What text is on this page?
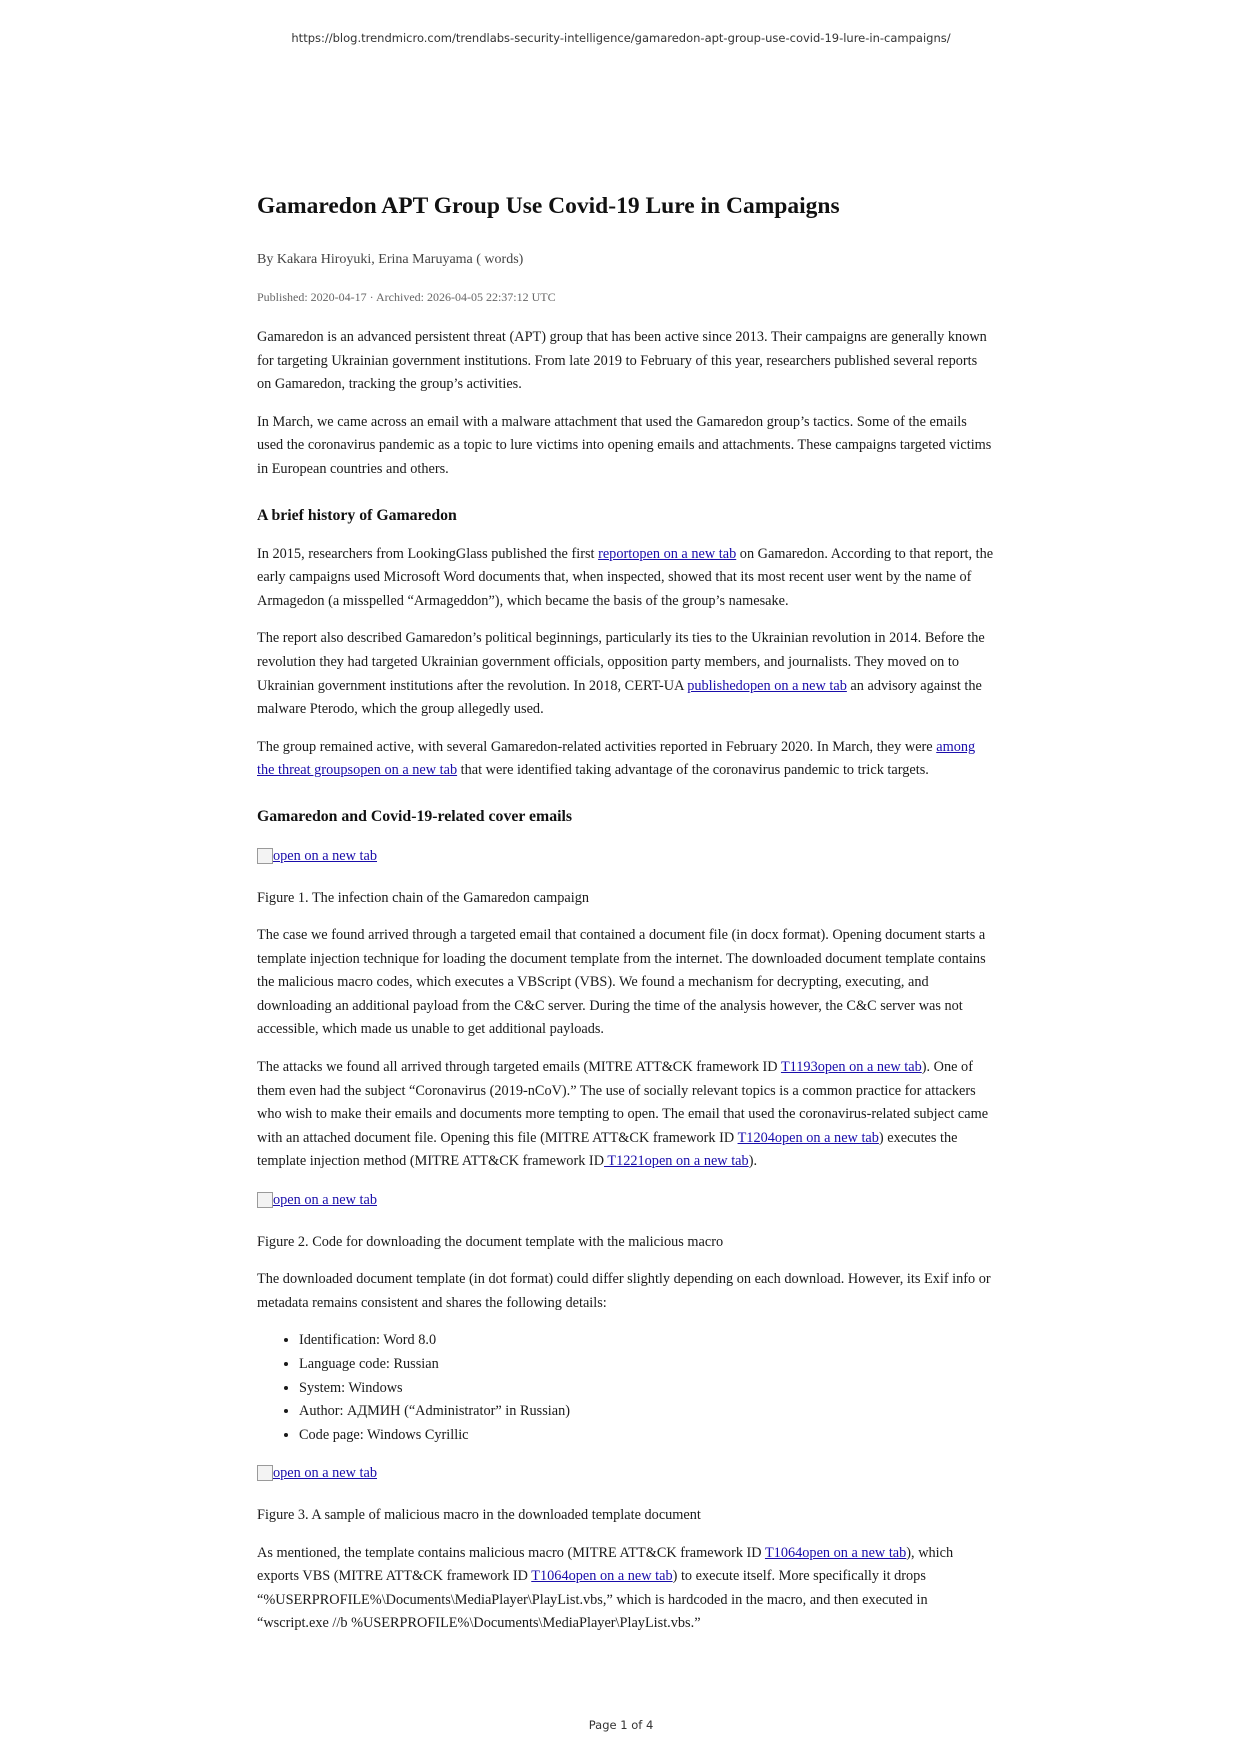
https://blog.trendmicro.com/trendlabs-security-intelligence/gamaredon-apt-group-use-covid-19-lure-in-campaigns/
Gamaredon APT Group Use Covid-19 Lure in Campaigns
By Kakara Hiroyuki, Erina Maruyama ( words)
Published: 2020-04-17 · Archived: 2026-04-05 22:37:12 UTC

Gamaredon is an advanced persistent threat (APT) group that has been active since 2013. Their campaigns are generally known for targeting Ukrainian government institutions. From late 2019 to February of this year, researchers published several reports on Gamaredon, tracking the group’s activities.

In March, we came across an email with a malware attachment that used the Gamaredon group’s tactics. Some of the emails used the coronavirus pandemic as a topic to lure victims into opening emails and attachments. These campaigns targeted victims in European countries and others.

A brief history of Gamaredon

In 2015, researchers from LookingGlass published the first reportopen on a new tab on Gamaredon. According to that report, the early campaigns used Microsoft Word documents that, when inspected, showed that its most recent user went by the name of Armagedon (a misspelled “Armageddon”), which became the basis of the group’s namesake.

The report also described Gamaredon’s political beginnings, particularly its ties to the Ukrainian revolution in 2014. Before the revolution they had targeted Ukrainian government officials, opposition party members, and journalists. They moved on to Ukrainian government institutions after the revolution. In 2018, CERT-UA publishedopen on a new tab an advisory against the malware Pterodo, which the group allegedly used.

The group remained active, with several Gamaredon-related activities reported in February 2020. In March, they were among the threat groupsopen on a new tab that were identified taking advantage of the coronavirus pandemic to trick targets.

Gamaredon and Covid-19-related cover emails

open on a new tab

Figure 1. The infection chain of the Gamaredon campaign

The case we found arrived through a targeted email that contained a document file (in docx format). Opening document starts a template injection technique for loading the document template from the internet. The downloaded document template contains the malicious macro codes, which executes a VBScript (VBS). We found a mechanism for decrypting, executing, and downloading an additional payload from the C&C server. During the time of the analysis however, the C&C server was not accessible, which made us unable to get additional payloads.

The attacks we found all arrived through targeted emails (MITRE ATT&CK framework ID T1193open on a new tab). One of them even had the subject “Coronavirus (2019-nCoV).” The use of socially relevant topics is a common practice for attackers who wish to make their emails and documents more tempting to open. The email that used the coronavirus-related subject came with an attached document file. Opening this file (MITRE ATT&CK framework ID T1204open on a new tab) executes the template injection method (MITRE ATT&CK framework ID T1221open on a new tab).

open on a new tab

Figure 2. Code for downloading the document template with the malicious macro

The downloaded document template (in dot format) could differ slightly depending on each download. However, its Exif info or metadata remains consistent and shares the following details:

• Identification: Word 8.0
• Language code: Russian
• System: Windows
• Author: АДМИН (“Administrator” in Russian)
• Code page: Windows Cyrillic

open on a new tab

Figure 3. A sample of malicious macro in the downloaded template document

As mentioned, the template contains malicious macro (MITRE ATT&CK framework ID T1064open on a new tab), which exports VBS (MITRE ATT&CK framework ID T1064open on a new tab) to execute itself. More specifically it drops “%USERPROFILE%\Documents\MediaPlayer\PlayList.vbs,” which is hardcoded in the macro, and then executed in “wscript.exe //b %USERPROFILE%\Documents\MediaPlayer\PlayList.vbs.”

Page 1 of 4
